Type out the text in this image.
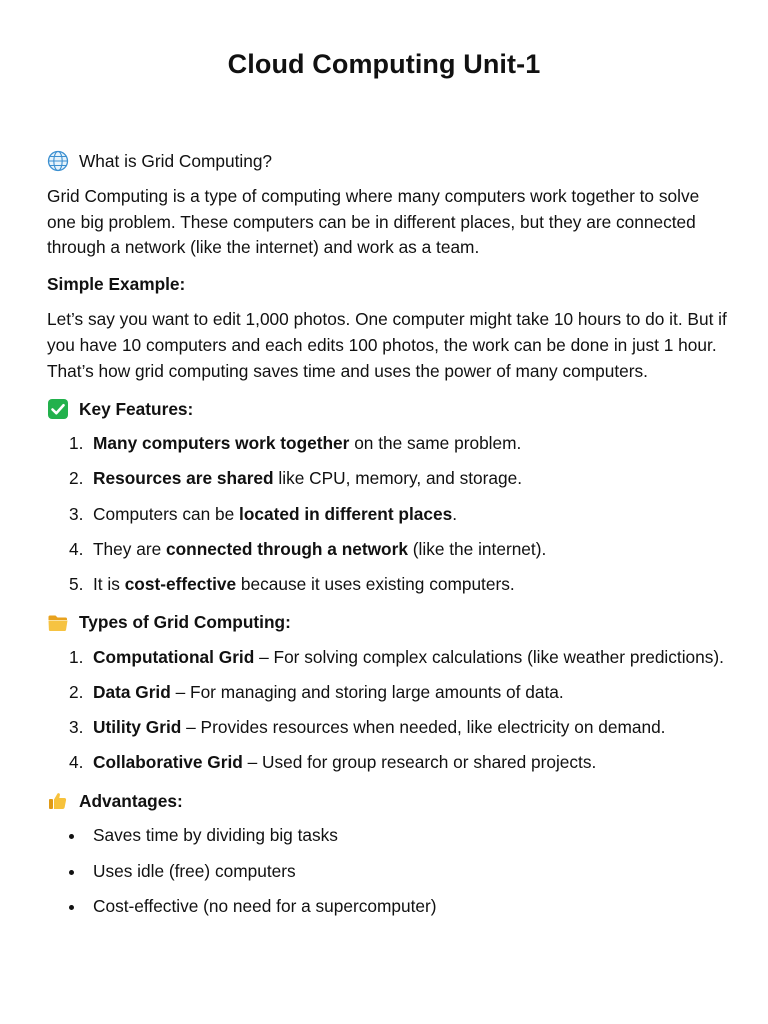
Cloud Computing Unit-1
What is Grid Computing?

Grid Computing is a type of computing where many computers work together to solve one big problem. These computers can be in different places, but they are connected through a network (like the internet) and work as a team.

Simple Example:

Let’s say you want to edit 1,000 photos. One computer might take 10 hours to do it. But if you have 10 computers and each edits 100 photos, the work can be done in just 1 hour. That’s how grid computing saves time and uses the power of many computers.

Key Features:
1. Many computers work together on the same problem.
2. Resources are shared like CPU, memory, and storage.
3. Computers can be located in different places.
4. They are connected through a network (like the internet).
5. It is cost-effective because it uses existing computers.
Types of Grid Computing:
1. Computational Grid – For solving complex calculations (like weather predictions).
2. Data Grid – For managing and storing large amounts of data.
3. Utility Grid – Provides resources when needed, like electricity on demand.
4. Collaborative Grid – Used for group research or shared projects.
Advantages:
Saves time by dividing big tasks
Uses idle (free) computers
Cost-effective (no need for a supercomputer)
